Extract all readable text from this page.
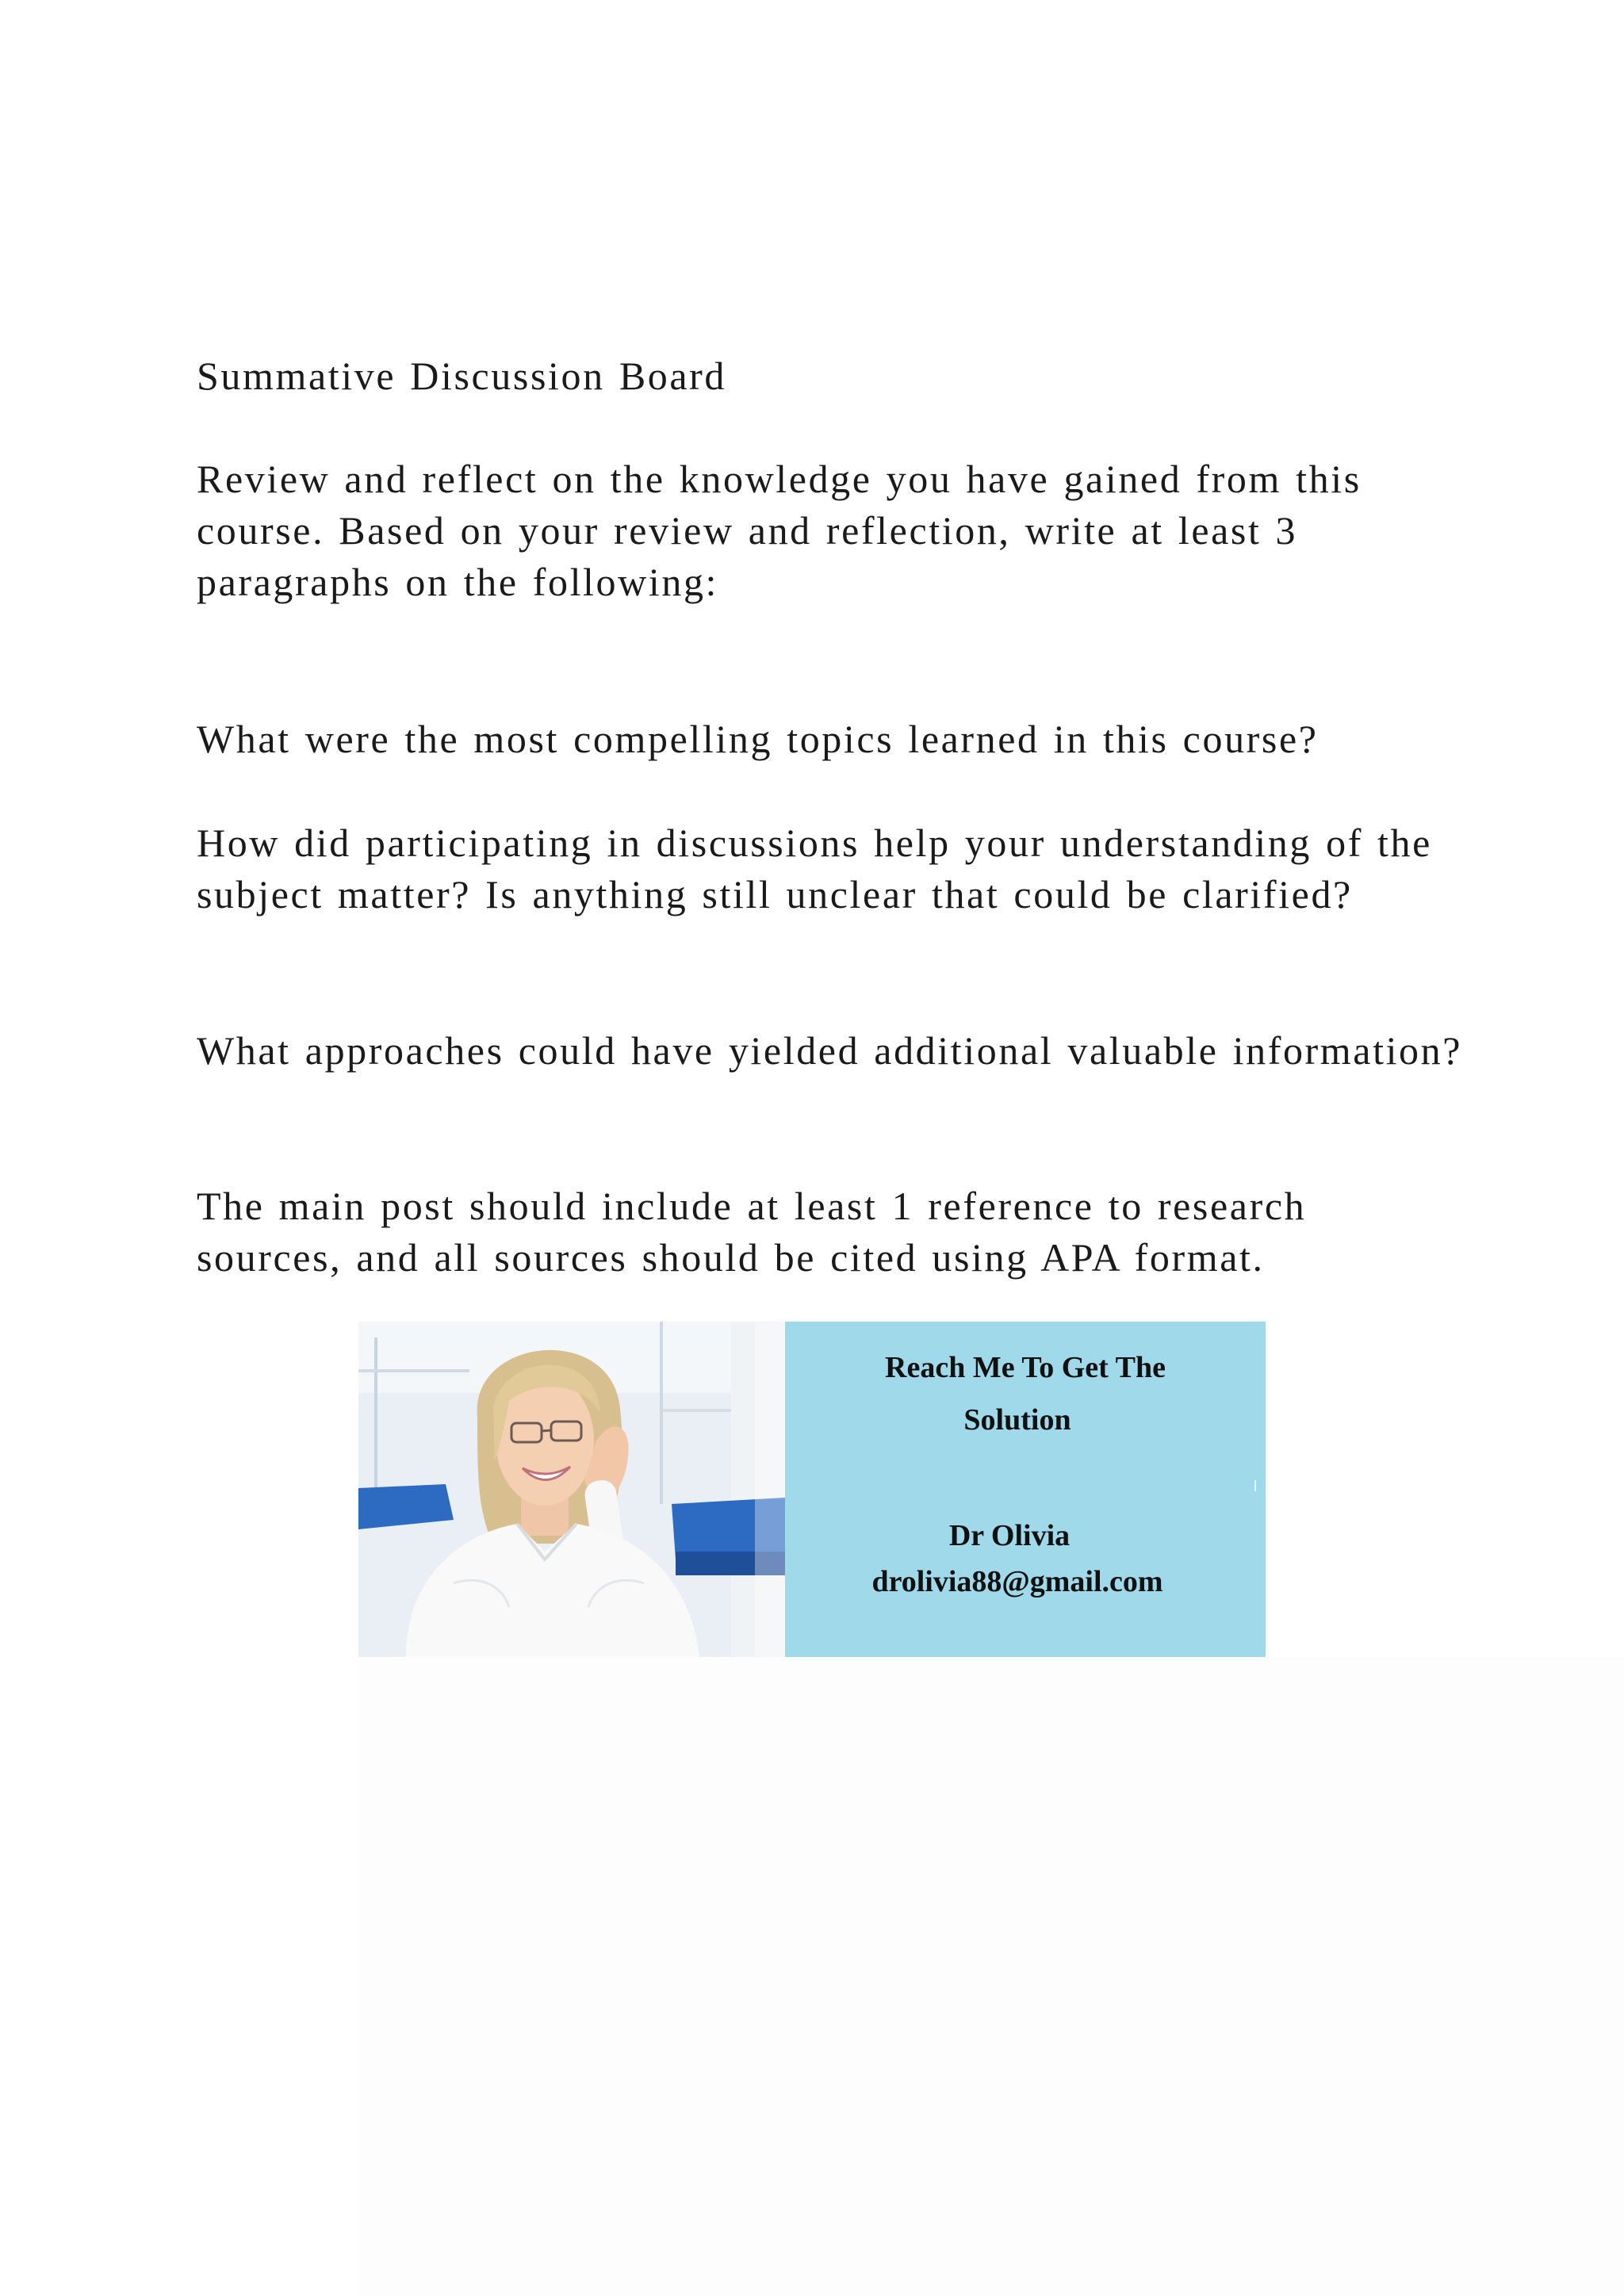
Summative Discussion Board

Review and reflect on the knowledge you have gained from this course. Based on your review and reflection, write at least 3 paragraphs on the following:

What were the most compelling topics learned in this course?

How did participating in discussions help your understanding of the subject matter? Is anything still unclear that could be clarified?

What approaches could have yielded additional valuable information?

The main post should include at least 1 reference to research sources, and all sources should be cited using APA format.

Reach Me To Get The
Solution
Dr Olivia
drolivia88@gmail.com
